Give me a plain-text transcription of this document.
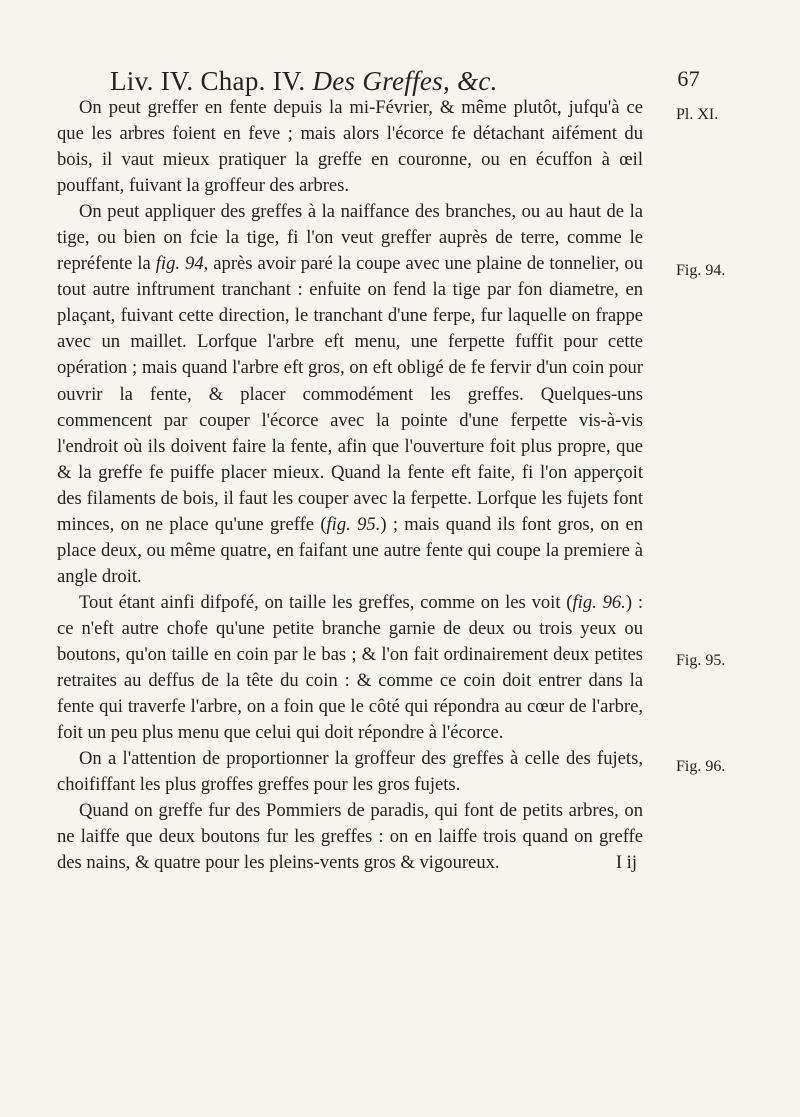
Liv. IV. Chap. IV. Des Greffes, &c.	67
Pl. XI.
Fig. 94.
Fig. 95.
Fig. 96.

On peut greffer en fente depuis la mi-Février, & même plutôt, jufqu'à ce que les arbres foient en feve ; mais alors l'écorce fe détachant aifément du bois, il vaut mieux pratiquer la greffe en couronne, ou en écuffon à œil pouffant, fuivant la groffeur des arbres.

On peut appliquer des greffes à la naiffance des branches, ou au haut de la tige, ou bien on fcie la tige, fi l'on veut greffer auprès de terre, comme le repréfente la fig. 94, après avoir paré la coupe avec une plaine de tonnelier, ou tout autre inftrument tranchant : enfuite on fend la tige par fon diametre, en plaçant, fuivant cette direction, le tranchant d'une ferpe, fur laquelle on frappe avec un maillet. Lorfque l'arbre eft menu, une ferpette fuffit pour cette opération ; mais quand l'arbre eft gros, on eft obligé de fe fervir d'un coin pour ouvrir la fente, & placer commodément les greffes. Quelques-uns commencent par couper l'écorce avec la pointe d'une ferpette vis-à-vis l'endroit où ils doivent faire la fente, afin que l'ouverture foit plus propre, que & la greffe fe puiffe placer mieux. Quand la fente eft faite, fi l'on apperçoit des filaments de bois, il faut les couper avec la ferpette. Lorfque les fujets font minces, on ne place qu'une greffe (fig. 95.) ; mais quand ils font gros, on en place deux, ou même quatre, en faifant une autre fente qui coupe la premiere à angle droit.

Tout étant ainfi difpofé, on taille les greffes, comme on les voit (fig. 96.) : ce n'eft autre chofe qu'une petite branche garnie de deux ou trois yeux ou boutons, qu'on taille en coin par le bas ; & l'on fait ordinairement deux petites retraites au deffus de la tête du coin : & comme ce coin doit entrer dans la fente qui traverfe l'arbre, on a foin que le côté qui répondra au cœur de l'arbre, foit un peu plus menu que celui qui doit répondre à l'écorce.

On a l'attention de proportionner la groffeur des greffes à celle des fujets, choififfant les plus groffes greffes pour les gros fujets.

Quand on greffe fur des Pommiers de paradis, qui font de petits arbres, on ne laiffe que deux boutons fur les greffes : on en laiffe trois quand on greffe des nains, & quatre pour les pleins-vents gros & vigoureux.	I ij
